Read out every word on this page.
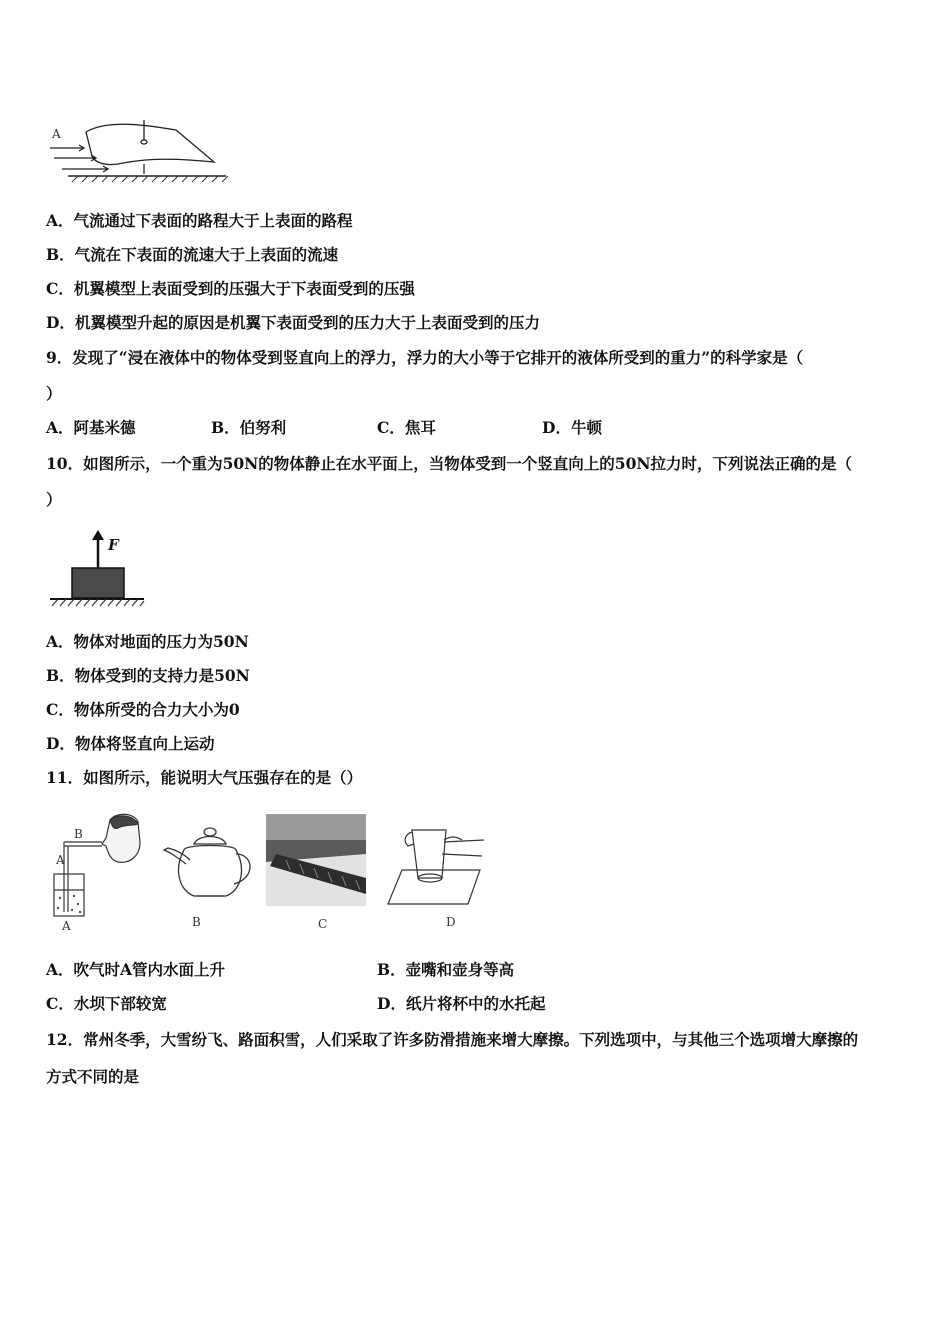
A
A．气流通过下表面的路程大于上表面的路程
B．气流在下表面的流速大于上表面的流速
C．机翼模型上表面受到的压强大于下表面受到的压强
D．机翼模型升起的原因是机翼下表面受到的压力大于上表面受到的压力
9．发现了“浸在液体中的物体受到竖直向上的浮力，浮力的大小等于它排开的液体所受到的重力”的科学家是（
）
A．阿基米德	B．伯努利	C．焦耳	D．牛顿
10．如图所示，一个重为50N的物体静止在水平面上，当物体受到一个竖直向上的50N拉力时，下列说法正确的是（
）
F
A．物体对地面的压力为50N
B．物体受到的支持力是50N
C．物体所受的合力大小为0
D．物体将竖直向上运动
11．如图所示，能说明大气压强存在的是（）
B
A
A	B	C	D
A．吹气时A管内水面上升	B．壶嘴和壶身等高
C．水坝下部较宽	D．纸片将杯中的水托起
12．常州冬季，大雪纷飞、路面积雪，人们采取了许多防滑措施来增大摩擦。下列选项中，与其他三个选项增大摩擦的
方式不同的是
